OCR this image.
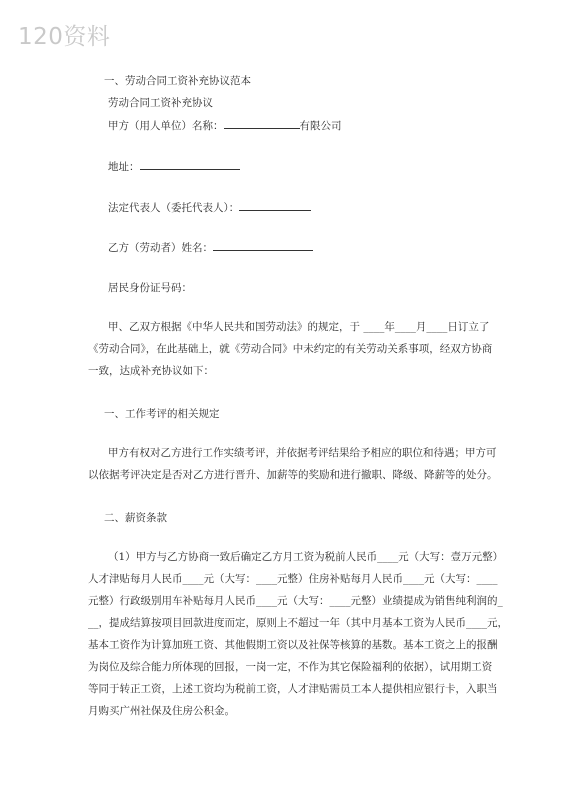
120资料
一、劳动合同工资补充协议范本
劳动合同工资补充协议
甲方（用人单位）名称：	有限公司
地址：
法定代表人（委托代表人）：
乙方（劳动者）姓名：
居民身份证号码：
甲、乙双方根据《中华人民共和国劳动法》的规定，于 ____年____月____日订立了
《劳动合同》，在此基础上，就《劳动合同》中未约定的有关劳动关系事项，经双方协商
一致，达成补充协议如下：
一、工作考评的相关规定
甲方有权对乙方进行工作实绩考评，并依据考评结果给予相应的职位和待遇；甲方可
以依据考评决定是否对乙方进行晋升、加薪等的奖励和进行撤职、降级、降薪等的处分。
二、薪资条款
（1）甲方与乙方协商一致后确定乙方月工资为税前人民币____元（大写：壹万元整）
人才津贴每月人民币____元（大写：____元整）住房补贴每月人民币____元（大写：____
元整）行政级别用车补贴每月人民币____元（大写：____元整）业绩提成为销售纯利润的_
__，提成结算按项目回款进度而定，原则上不超过一年（其中月基本工资为人民币____元，
基本工资作为计算加班工资、其他假期工资以及社保等核算的基数。基本工资之上的报酬
为岗位及综合能力所体现的回报，一岗一定，不作为其它保险福利的依据），试用期工资
等同于转正工资，上述工资均为税前工资，人才津贴需员工本人提供相应银行卡，入职当
月购买广州社保及住房公积金。
